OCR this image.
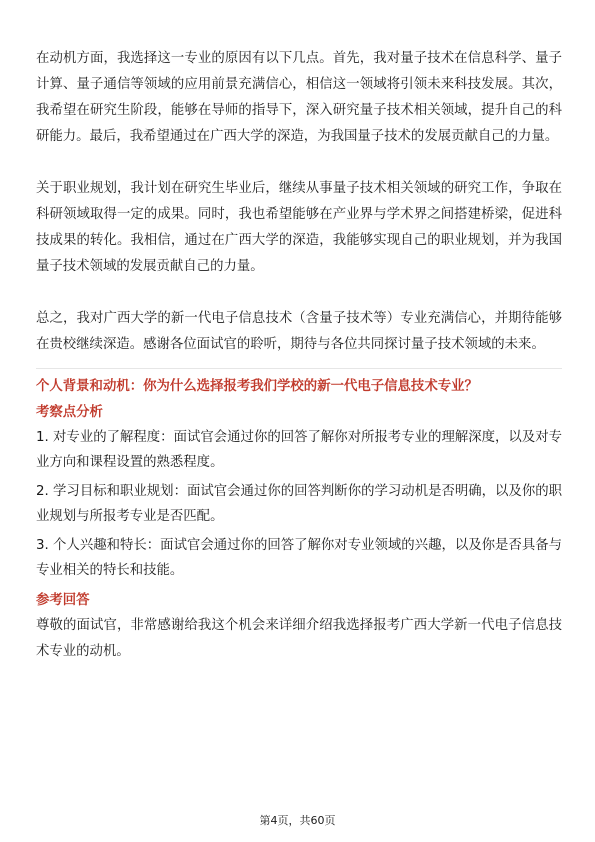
在动机方面，我选择这一专业的原因有以下几点。首先，我对量子技术在信息科学、量子计算、量子通信等领域的应用前景充满信心，相信这一领域将引领未来科技发展。其次，我希望在研究生阶段，能够在导师的指导下，深入研究量子技术相关领域，提升自己的科研能力。最后，我希望通过在广西大学的深造，为我国量子技术的发展贡献自己的力量。

关于职业规划，我计划在研究生毕业后，继续从事量子技术相关领域的研究工作，争取在科研领域取得一定的成果。同时，我也希望能够在产业界与学术界之间搭建桥梁，促进科技成果的转化。我相信，通过在广西大学的深造，我能够实现自己的职业规划，并为我国量子技术领域的发展贡献自己的力量。

总之，我对广西大学的新一代电子信息技术（含量子技术等）专业充满信心，并期待能够在贵校继续深造。感谢各位面试官的聆听，期待与各位共同探讨量子技术领域的未来。

个人背景和动机：你为什么选择报考我们学校的新一代电子信息技术专业？
考察点分析
1. 对专业的了解程度：面试官会通过你的回答了解你对所报考专业的理解深度，以及对专业方向和课程设置的熟悉程度。
2. 学习目标和职业规划：面试官会通过你的回答判断你的学习动机是否明确，以及你的职业规划与所报考专业是否匹配。
3. 个人兴趣和特长：面试官会通过你的回答了解你对专业领域的兴趣，以及你是否具备与专业相关的特长和技能。
参考回答

尊敬的面试官，非常感谢给我这个机会来详细介绍我选择报考广西大学新一代电子信息技术专业的动机。

第4页，共60页
